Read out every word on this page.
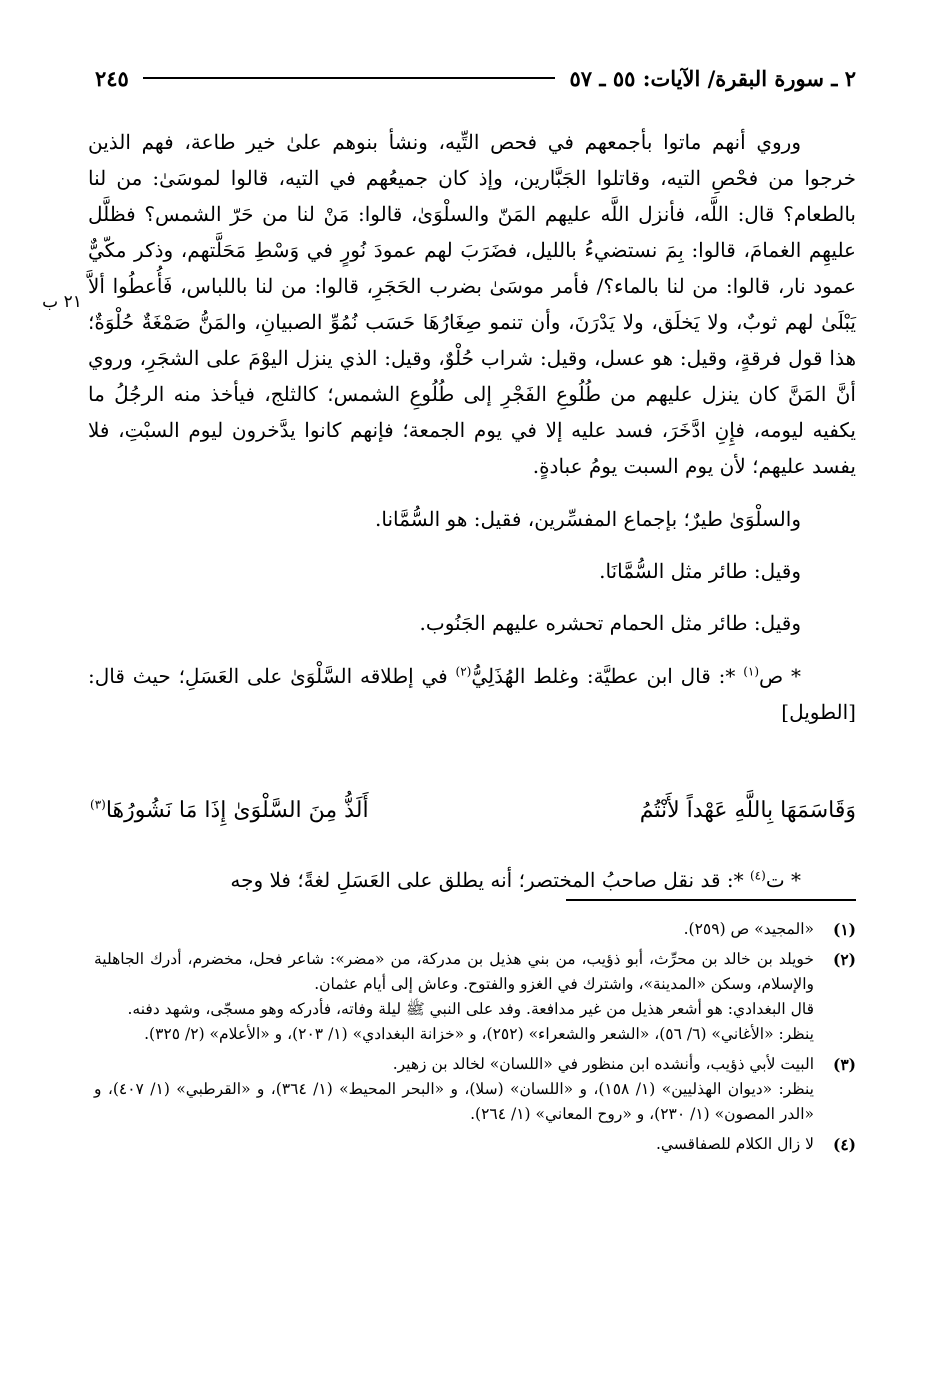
٢ ـ سورة البقرة/ الآيات: ٥٥ ـ ٥٧
٢٤٥
٢١ ب

وروي أنهم ماتوا بأجمعهم في فحص التِّيه، ونشأ بنوهم علىٰ خير طاعة، فهم الذين خرجوا من فحْصِ التيه، وقاتلوا الجَبَّارين، وإذ كان جميعُهم في التيه، قالوا لموسَىٰ: من لنا بالطعام؟ قال: اللَّه، فأنزل اللَّه عليهم المَنّ والسلْوَىٰ، قالوا: مَنْ لنا من حَرّ الشمس؟ فظلَّل عليهِم الغمامَ، قالوا: بِمَ نستضيءُ بالليل، فضَرَبَ لهم عمودَ نُورٍ في وَسْطِ مَحَلَّتهم، وذكر مكّيٌّ عمود نار، قالوا: من لنا بالماء؟/ فأمر موسَىٰ بضرب الحَجَرِ، قالوا: من لنا باللباس، فَأُعطُوا ألاَّ يَبْلَىٰ لهم ثوبٌ، ولا يَخلَق، ولا يَدْرَنَ، وأن تنمو صِغَارُهَا حَسَب نُمُوِّ الصبيانِ، والمَنُّ صَمْغَةٌ حُلْوَةٌ؛ هذا قول فرقةٍ، وقيل: هو عسل، وقيل: شراب حُلْوٌ، وقيل: الذي ينزل اليوْمَ على الشجَرِ، وروي أنَّ المَنَّ كان ينزل عليهم من طُلُوعِ الفَجْرِ إلى طُلُوعِ الشمس؛ كالثلج، فيأخذ منه الرجُلُ ما يكفيه ليومه، فإِنِ ادَّخَرَ، فسد عليه إلا في يوم الجمعة؛ فإنهم كانوا يدَّخرون ليوم السبْتِ، فلا يفسد عليهم؛ لأن يوم السبت يومُ عبادةٍ.

والسلْوَىٰ طيرٌ؛ بإجماع المفسِّرين، فقيل: هو السُّمَّانا.

وقيل: طائر مثل السُّمَّانَا.

وقيل: طائر مثل الحمام تحشره عليهم الجَنُوب.

* ص$^{(١)}$ *: قال ابن عطيَّة: وغلط الهُذَلِيُّ$^{(٢)}$ في إطلاقه السَّلْوَىٰ على العَسَلِ؛ حيث قال: [الطويل]

وَقَاسَمَهَا بِاللَّهِ عَهْداً لأَنْتُمُ
أَلَذُّ مِنَ السَّلْوَىٰ إِذَا مَا نَشُورُهَا$^{(٣)}$

* ت$^{(٤)}$ *: قد نقل صاحبُ المختصر؛ أنه يطلق على العَسَلِ لغةً؛ فلا وجه

(١)
«المجيد» ص (٢٥٩).
(٢)
خويلد بن خالد بن محرِّث، أبو ذؤيب، من بني هذيل بن مدركة، من «مضر»: شاعر فحل، مخضرم، أدرك الجاهلية والإسلام، وسكن «المدينة»، واشترك في الغزو والفتوح. وعاش إلى أيام عثمان.
قال البغدادي: هو أشعر هذيل من غير مدافعة. وفد على النبي ﷺ ليلة وفاته، فأدركه وهو مسجّى، وشهد دفنه.
ينظر: «الأغاني» (٦/ ٥٦)، «الشعر والشعراء» (٢٥٢)، و «خزانة البغدادي» (١/ ٢٠٣)، و «الأعلام» (٢/ ٣٢٥).
(٣)
البيت لأبي ذؤيب، وأنشده ابن منظور في «اللسان» لخالد بن زهير.
ينظر: «ديوان الهذليين» (١/ ١٥٨)، و «اللسان» (سلا)، و «البحر المحيط» (١/ ٣٦٤)، و «القرطبي» (١/ ٤٠٧)، و «الدر المصون» (١/ ٢٣٠)، و «روح المعاني» (١/ ٢٦٤).
(٤)
لا زال الكلام للصفاقسي.
